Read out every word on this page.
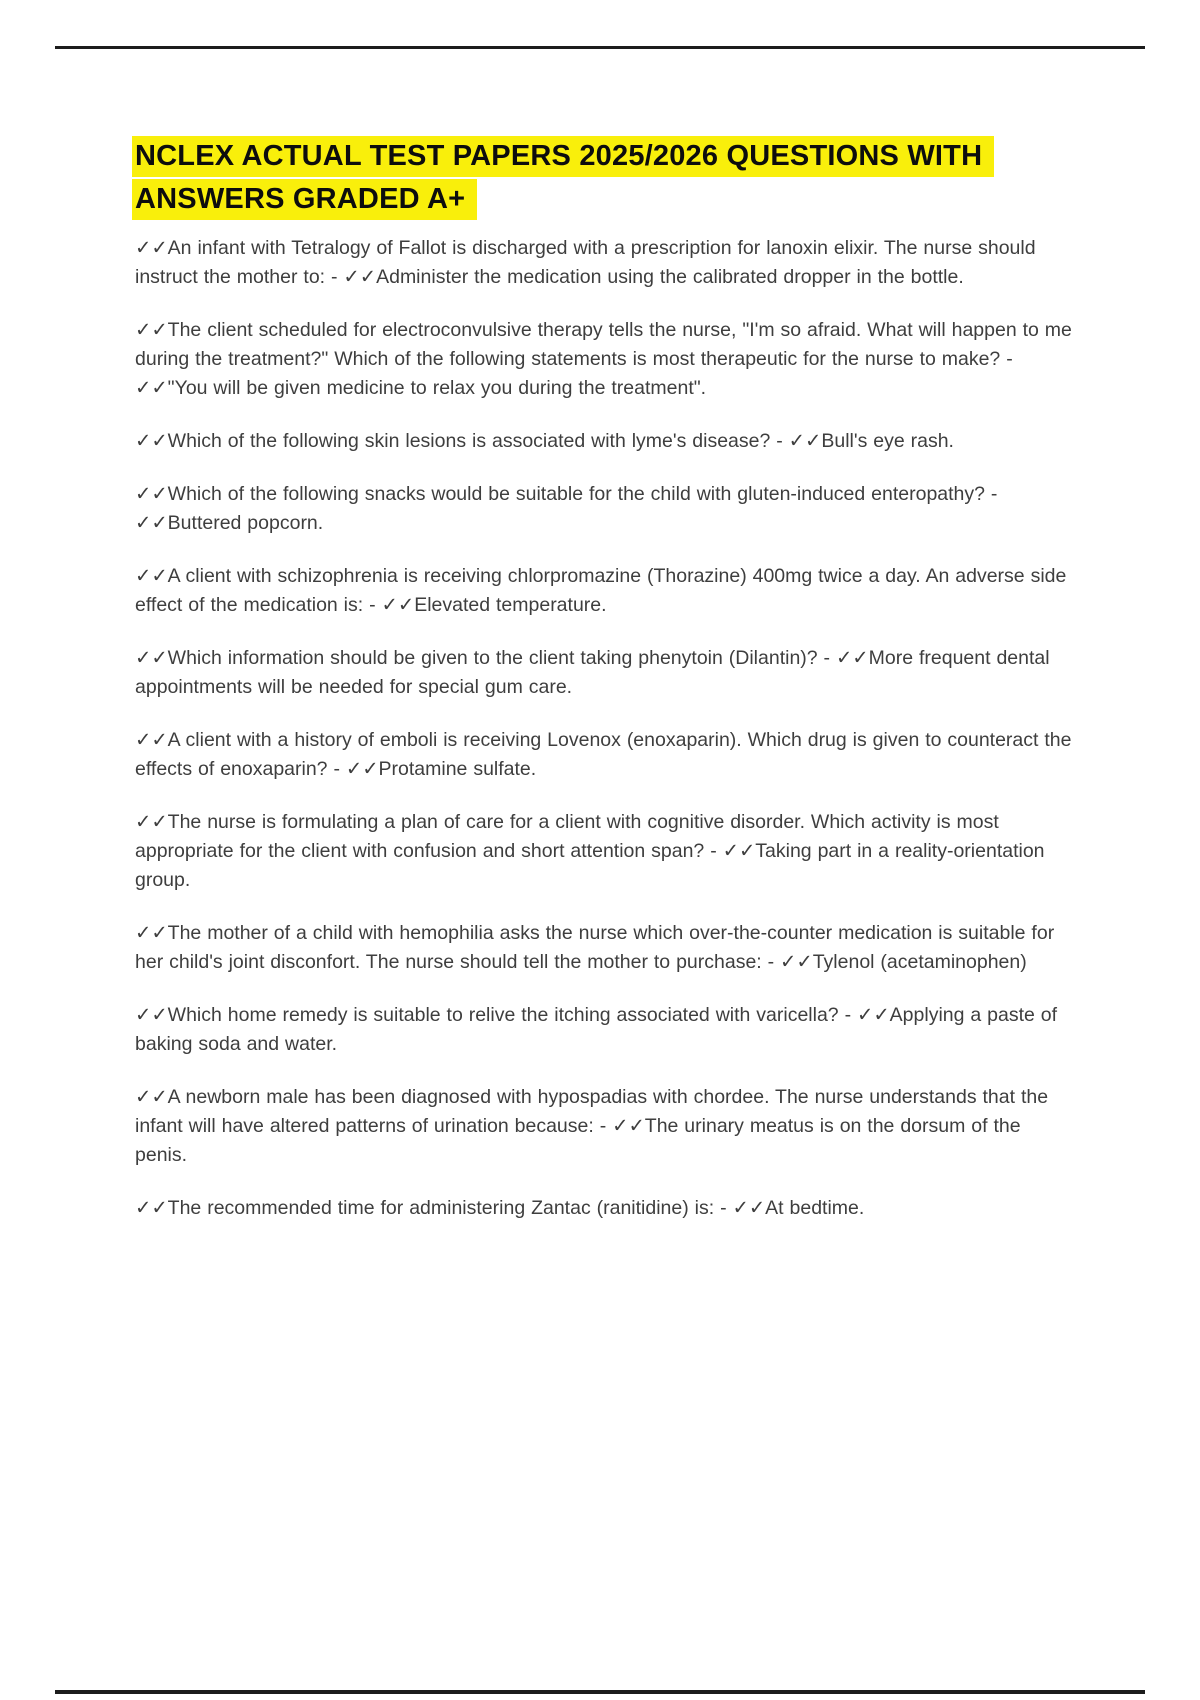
NCLEX ACTUAL TEST PAPERS 2025/2026 QUESTIONS WITH
ANSWERS GRADED A+

✓✓An infant with Tetralogy of Fallot is discharged with a prescription for lanoxin elixir. The nurse should instruct the mother to: - ✓✓Administer the medication using the calibrated dropper in the bottle.

✓✓The client scheduled for electroconvulsive therapy tells the nurse, "I'm so afraid. What will happen to me during the treatment?" Which of the following statements is most therapeutic for the nurse to make? - ✓✓"You will be given medicine to relax you during the treatment".

✓✓Which of the following skin lesions is associated with lyme's disease? - ✓✓Bull's eye rash.

✓✓Which of the following snacks would be suitable for the child with gluten-induced enteropathy? - ✓✓Buttered popcorn.

✓✓A client with schizophrenia is receiving chlorpromazine (Thorazine) 400mg twice a day. An adverse side effect of the medication is: - ✓✓Elevated temperature.

✓✓Which information should be given to the client taking phenytoin (Dilantin)? - ✓✓More frequent dental appointments will be needed for special gum care.

✓✓A client with a history of emboli is receiving Lovenox (enoxaparin). Which drug is given to counteract the effects of enoxaparin? - ✓✓Protamine sulfate.

✓✓The nurse is formulating a plan of care for a client with cognitive disorder. Which activity is most appropriate for the client with confusion and short attention span? - ✓✓Taking part in a reality-orientation group.

✓✓The mother of a child with hemophilia asks the nurse which over-the-counter medication is suitable for her child's joint disconfort. The nurse should tell the mother to purchase: - ✓✓Tylenol (acetaminophen)

✓✓Which home remedy is suitable to relive the itching associated with varicella? - ✓✓Applying a paste of baking soda and water.

✓✓A newborn male has been diagnosed with hypospadias with chordee. The nurse understands that the infant will have altered patterns of urination because: - ✓✓The urinary meatus is on the dorsum of the penis.

✓✓The recommended time for administering Zantac (ranitidine) is: - ✓✓At bedtime.
